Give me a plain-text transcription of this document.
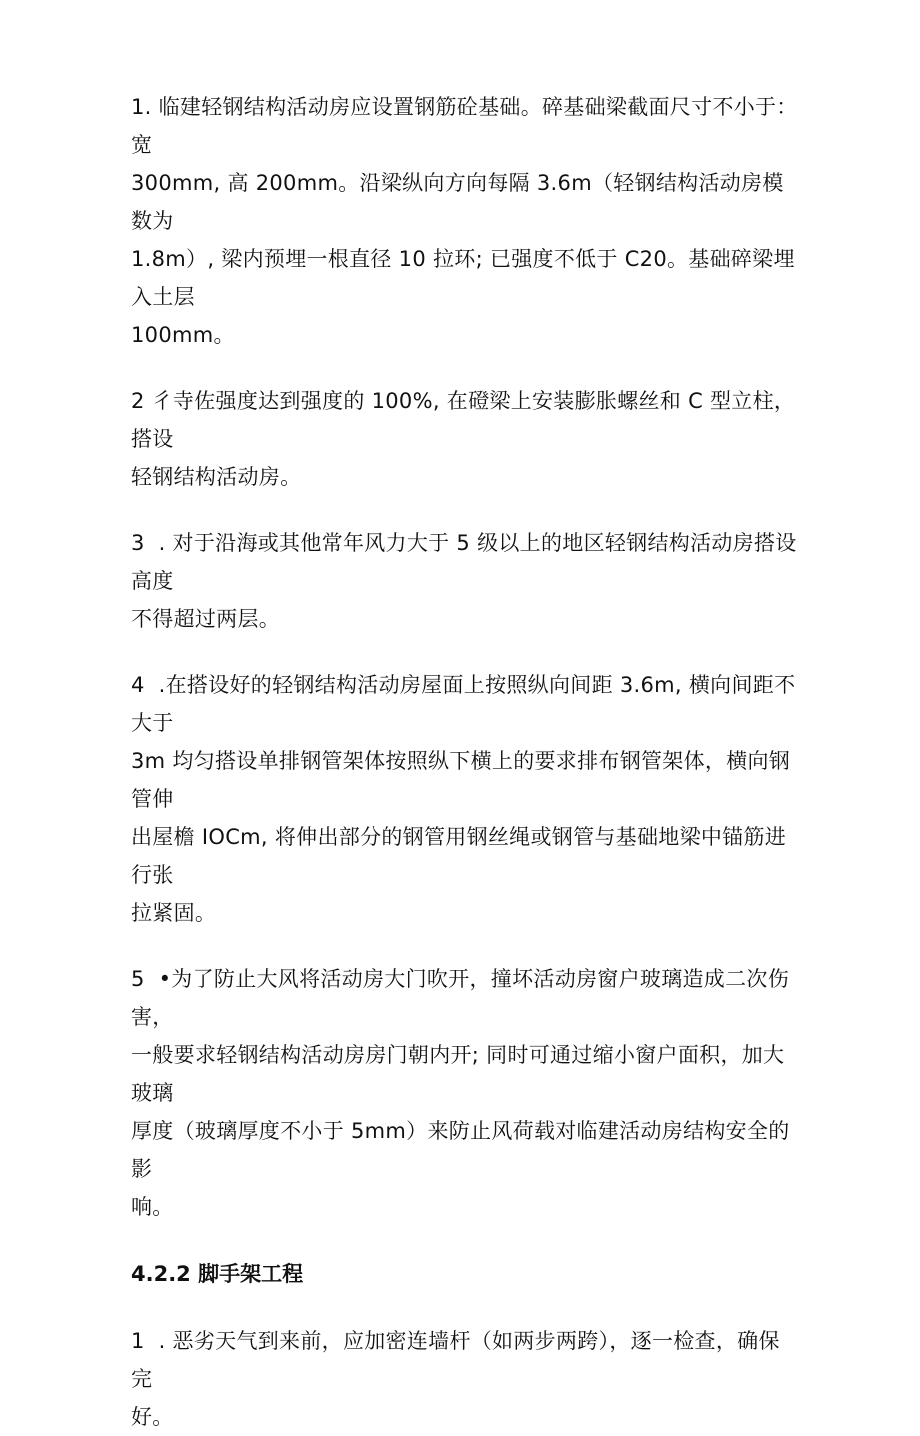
1. 临建轻钢结构活动房应设置钢筋砼基础。碎基础梁截面尺寸不小于：宽
300mm, 高 200mm。沿梁纵向方向每隔 3.6m（轻钢结构活动房模数为
1.8m）, 梁内预埋一根直径 10 拉环; 已强度不低于 C20。基础碎梁埋入土层
100mm。

2 彳寺佐强度达到强度的 100%, 在磴梁上安装膨胀螺丝和 C 型立柱，搭设
轻钢结构活动房。

3  . 对于沿海或其他常年风力大于 5 级以上的地区轻钢结构活动房搭设高度
不得超过两层。

4  .在搭设好的轻钢结构活动房屋面上按照纵向间距 3.6m, 横向间距不大于
3m 均匀搭设单排钢管架体按照纵下横上的要求排布钢管架体，横向钢管伸
出屋檐 IOCm, 将伸出部分的钢管用钢丝绳或钢管与基础地梁中锚筋进行张
拉紧固。

5  •为了防止大风将活动房大门吹开，撞坏活动房窗户玻璃造成二次伤害，
一般要求轻钢结构活动房房门朝内开; 同时可通过缩小窗户面积，加大玻璃
厚度（玻璃厚度不小于 5mm）来防止风荷载对临建活动房结构安全的影
响。

4.2.2 脚手架工程

1  . 恶劣天气到来前，应加密连墙杆（如两步两跨），逐一检查，确保完
好。
